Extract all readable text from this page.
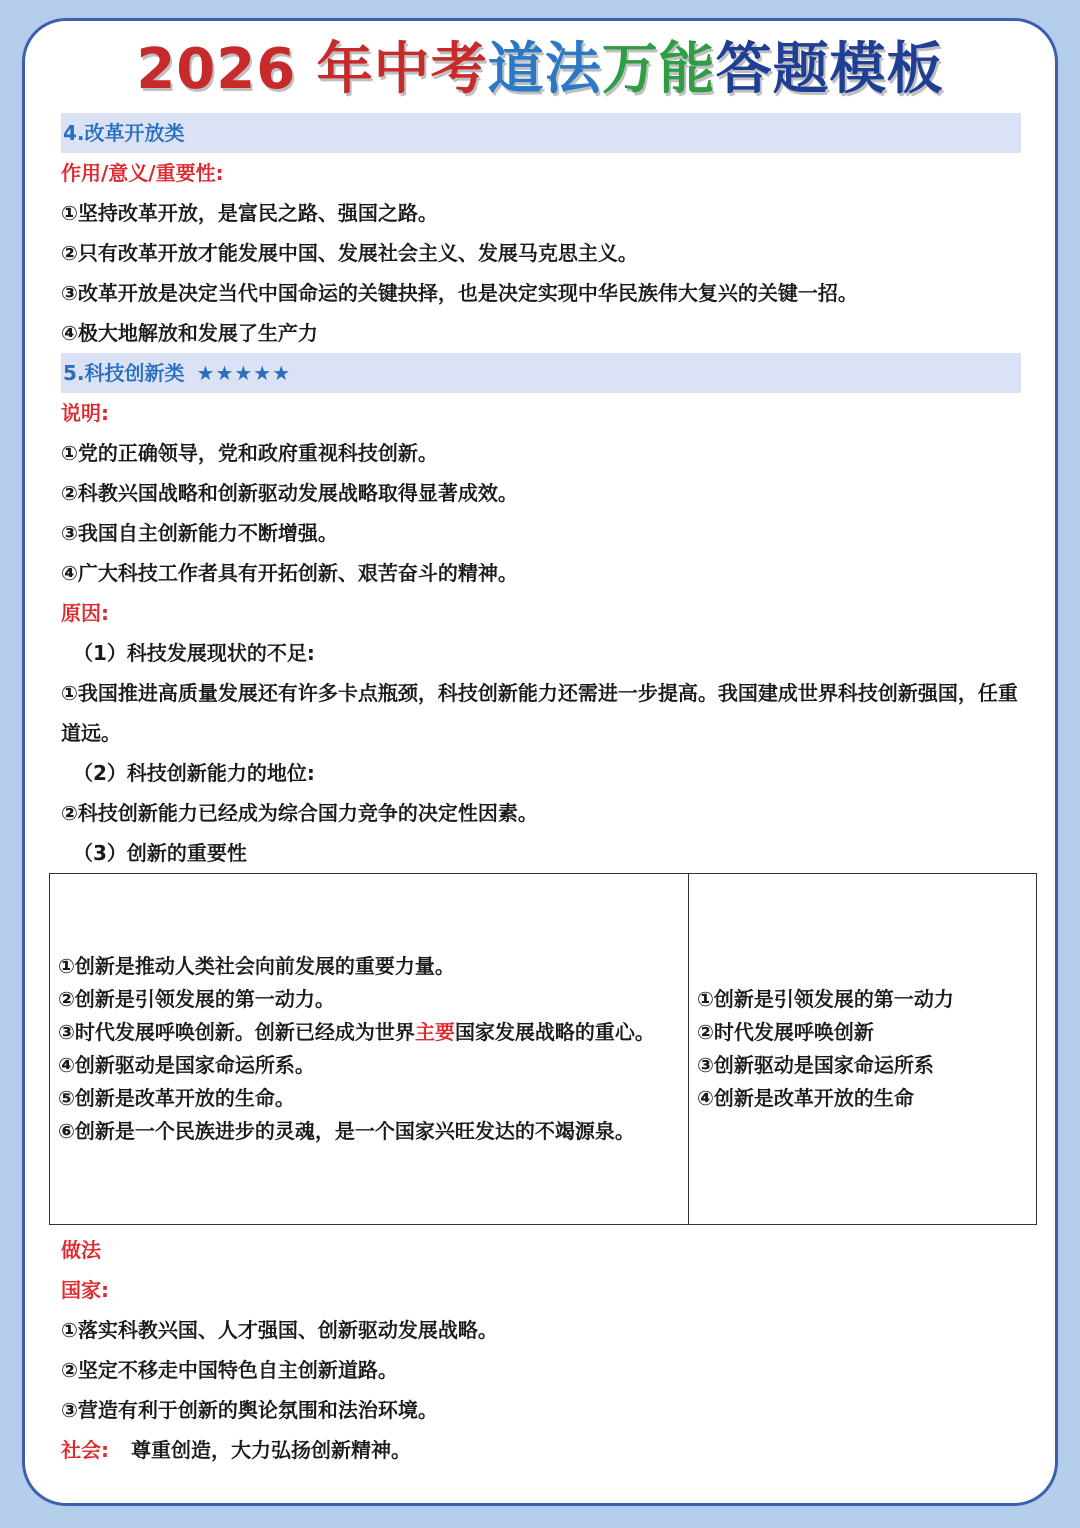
2026 年中考道法万能答题模板
4.改革开放类
作用/意义/重要性:
①坚持改革开放，是富民之路、强国之路。
②只有改革开放才能发展中国、发展社会主义、发展马克思主义。
③改革开放是决定当代中国命运的关键抉择，也是决定实现中华民族伟大复兴的关键一招。
④极大地解放和发展了生产力
5.科技创新类 ★★★★★
说明:
①党的正确领导，党和政府重视科技创新。
②科教兴国战略和创新驱动发展战略取得显著成效。
③我国自主创新能力不断增强。
④广大科技工作者具有开拓创新、艰苦奋斗的精神。
原因:
（1）科技发展现状的不足:
①我国推进高质量发展还有许多卡点瓶颈，科技创新能力还需进一步提高。我国建成世界科技创新强国，任重道远。
（2）科技创新能力的地位:
②科技创新能力已经成为综合国力竞争的决定性因素。
（3）创新的重要性
①创新是推动人类社会向前发展的重要力量。
②创新是引领发展的第一动力。
③时代发展呼唤创新。创新已经成为世界主要国家发展战略的重心。
④创新驱动是国家命运所系。
⑤创新是改革开放的生命。
⑥创新是一个民族进步的灵魂，是一个国家兴旺发达的不竭源泉。
①创新是引领发展的第一动力
②时代发展呼唤创新
③创新驱动是国家命运所系
④创新是改革开放的生命
做法
国家:
①落实科教兴国、人才强国、创新驱动发展战略。
②坚定不移走中国特色自主创新道路。
③营造有利于创新的舆论氛围和法治环境。
社会: 尊重创造，大力弘扬创新精神。
